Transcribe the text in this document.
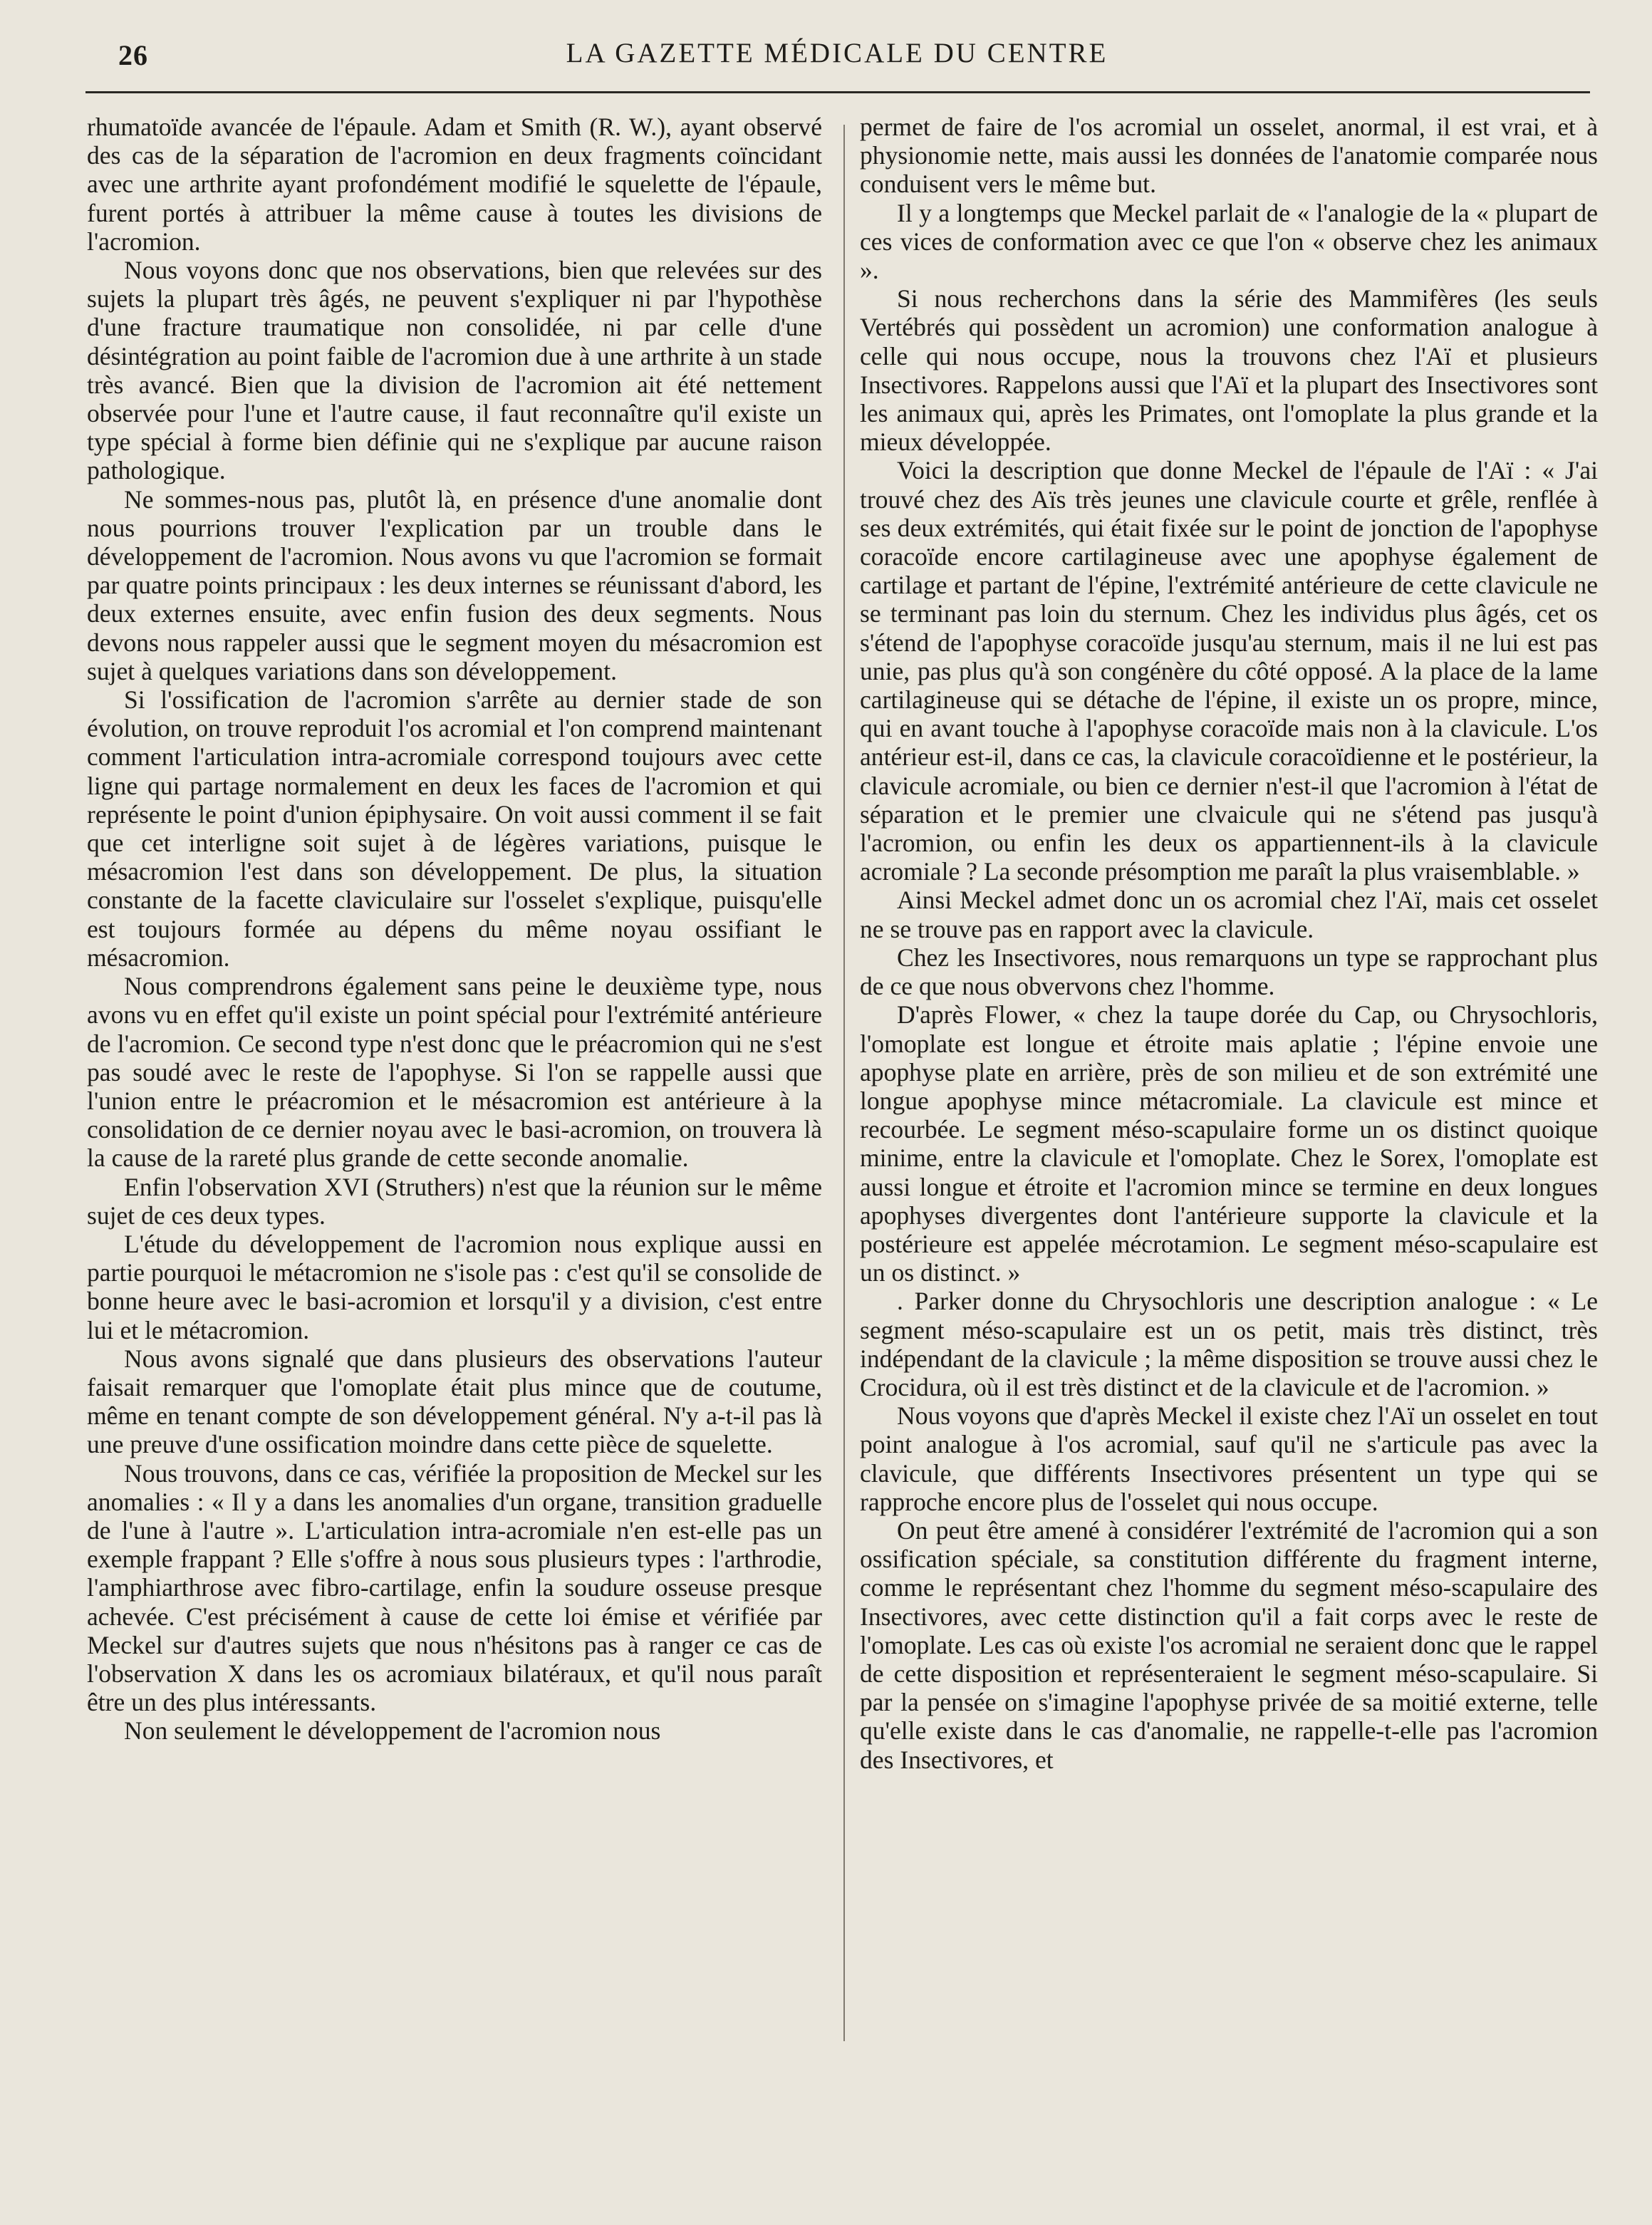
26	LA GAZETTE MÉDICALE DU CENTRE

rhumatoïde avancée de l'épaule. Adam et Smith (R. W.), ayant observé des cas de la séparation de l'acromion en deux fragments coïncidant avec une arthrite ayant profondément modifié le squelette de l'épaule, furent portés à attribuer la même cause à toutes les divisions de l'acromion.

Nous voyons donc que nos observations, bien que relevées sur des sujets la plupart très âgés, ne peuvent s'expliquer ni par l'hypothèse d'une fracture traumatique non consolidée, ni par celle d'une désintégration au point faible de l'acromion due à une arthrite à un stade très avancé. Bien que la division de l'acromion ait été nettement observée pour l'une et l'autre cause, il faut reconnaître qu'il existe un type spécial à forme bien définie qui ne s'explique par aucune raison pathologique.

Ne sommes-nous pas, plutôt là, en présence d'une anomalie dont nous pourrions trouver l'explication par un trouble dans le développement de l'acromion. Nous avons vu que l'acromion se formait par quatre points principaux : les deux internes se réunissant d'abord, les deux externes ensuite, avec enfin fusion des deux segments. Nous devons nous rappeler aussi que le segment moyen du mésacromion est sujet à quelques variations dans son développement.

Si l'ossification de l'acromion s'arrête au dernier stade de son évolution, on trouve reproduit l'os acromial et l'on comprend maintenant comment l'articulation intra-acromiale correspond toujours avec cette ligne qui partage normalement en deux les faces de l'acromion et qui représente le point d'union épiphysaire. On voit aussi comment il se fait que cet interligne soit sujet à de légères variations, puisque le mésacromion l'est dans son développement. De plus, la situation constante de la facette claviculaire sur l'osselet s'explique, puisqu'elle est toujours formée au dépens du même noyau ossifiant le mésacromion.

Nous comprendrons également sans peine le deuxième type, nous avons vu en effet qu'il existe un point spécial pour l'extrémité antérieure de l'acromion. Ce second type n'est donc que le préacromion qui ne s'est pas soudé avec le reste de l'apophyse. Si l'on se rappelle aussi que l'union entre le préacromion et le mésacromion est antérieure à la consolidation de ce dernier noyau avec le basi-acromion, on trouvera là la cause de la rareté plus grande de cette seconde anomalie.

Enfin l'observation XVI (Struthers) n'est que la réunion sur le même sujet de ces deux types.

L'étude du développement de l'acromion nous explique aussi en partie pourquoi le métacromion ne s'isole pas : c'est qu'il se consolide de bonne heure avec le basi-acromion et lorsqu'il y a division, c'est entre lui et le métacromion.

Nous avons signalé que dans plusieurs des observations l'auteur faisait remarquer que l'omoplate était plus mince que de coutume, même en tenant compte de son développement général. N'y a-t-il pas là une preuve d'une ossification moindre dans cette pièce de squelette.

Nous trouvons, dans ce cas, vérifiée la proposition de Meckel sur les anomalies : « Il y a dans les anomalies d'un organe, transition graduelle de l'une à l'autre ». L'articulation intra-acromiale n'en est-elle pas un exemple frappant ? Elle s'offre à nous sous plusieurs types : l'arthrodie, l'amphiarthrose avec fibro-cartilage, enfin la soudure osseuse presque achevée. C'est précisément à cause de cette loi émise et vérifiée par Meckel sur d'autres sujets que nous n'hésitons pas à ranger ce cas de l'observation X dans les os acromiaux bilatéraux, et qu'il nous paraît être un des plus intéressants.

Non seulement le développement de l'acromion nous

permet de faire de l'os acromial un osselet, anormal, il est vrai, et à physionomie nette, mais aussi les données de l'anatomie comparée nous conduisent vers le même but.

Il y a longtemps que Meckel parlait de « l'analogie de la « plupart de ces vices de conformation avec ce que l'on « observe chez les animaux ».

Si nous recherchons dans la série des Mammifères (les seuls Vertébrés qui possèdent un acromion) une conformation analogue à celle qui nous occupe, nous la trouvons chez l'Aï et plusieurs Insectivores. Rappelons aussi que l'Aï et la plupart des Insectivores sont les animaux qui, après les Primates, ont l'omoplate la plus grande et la mieux développée.

Voici la description que donne Meckel de l'épaule de l'Aï : « J'ai trouvé chez des Aïs très jeunes une clavicule courte et grêle, renflée à ses deux extrémités, qui était fixée sur le point de jonction de l'apophyse coracoïde encore cartilagineuse avec une apophyse également de cartilage et partant de l'épine, l'extrémité antérieure de cette clavicule ne se terminant pas loin du sternum. Chez les individus plus âgés, cet os s'étend de l'apophyse coracoïde jusqu'au sternum, mais il ne lui est pas unie, pas plus qu'à son congénère du côté opposé. A la place de la lame cartilagineuse qui se détache de l'épine, il existe un os propre, mince, qui en avant touche à l'apophyse coracoïde mais non à la clavicule. L'os antérieur est-il, dans ce cas, la clavicule coracoïdienne et le postérieur, la clavicule acromiale, ou bien ce dernier n'est-il que l'acromion à l'état de séparation et le premier une clvaicule qui ne s'étend pas jusqu'à l'acromion, ou enfin les deux os appartiennent-ils à la clavicule acromiale ? La seconde présomption me paraît la plus vraisemblable. »

Ainsi Meckel admet donc un os acromial chez l'Aï, mais cet osselet ne se trouve pas en rapport avec la clavicule.

Chez les Insectivores, nous remarquons un type se rapprochant plus de ce que nous obvervons chez l'homme.

D'après Flower, « chez la taupe dorée du Cap, ou Chrysochloris, l'omoplate est longue et étroite mais aplatie ; l'épine envoie une apophyse plate en arrière, près de son milieu et de son extrémité une longue apophyse mince métacromiale. La clavicule est mince et recourbée. Le segment méso-scapulaire forme un os distinct quoique minime, entre la clavicule et l'omoplate. Chez le Sorex, l'omoplate est aussi longue et étroite et l'acromion mince se termine en deux longues apophyses divergentes dont l'antérieure supporte la clavicule et la postérieure est appelée mécrotamion. Le segment méso-scapulaire est un os distinct. »

. Parker donne du Chrysochloris une description analogue : « Le segment méso-scapulaire est un os petit, mais très distinct, très indépendant de la clavicule ; la même disposition se trouve aussi chez le Crocidura, où il est très distinct et de la clavicule et de l'acromion. »

Nous voyons que d'après Meckel il existe chez l'Aï un osselet en tout point analogue à l'os acromial, sauf qu'il ne s'articule pas avec la clavicule, que différents Insectivores présentent un type qui se rapproche encore plus de l'osselet qui nous occupe.

On peut être amené à considérer l'extrémité de l'acromion qui a son ossification spéciale, sa constitution différente du fragment interne, comme le représentant chez l'homme du segment méso-scapulaire des Insectivores, avec cette distinction qu'il a fait corps avec le reste de l'omoplate. Les cas où existe l'os acromial ne seraient donc que le rappel de cette disposition et représenteraient le segment méso-scapulaire. Si par la pensée on s'imagine l'apophyse privée de sa moitié externe, telle qu'elle existe dans le cas d'anomalie, ne rappelle-t-elle pas l'acromion des Insectivores, et
